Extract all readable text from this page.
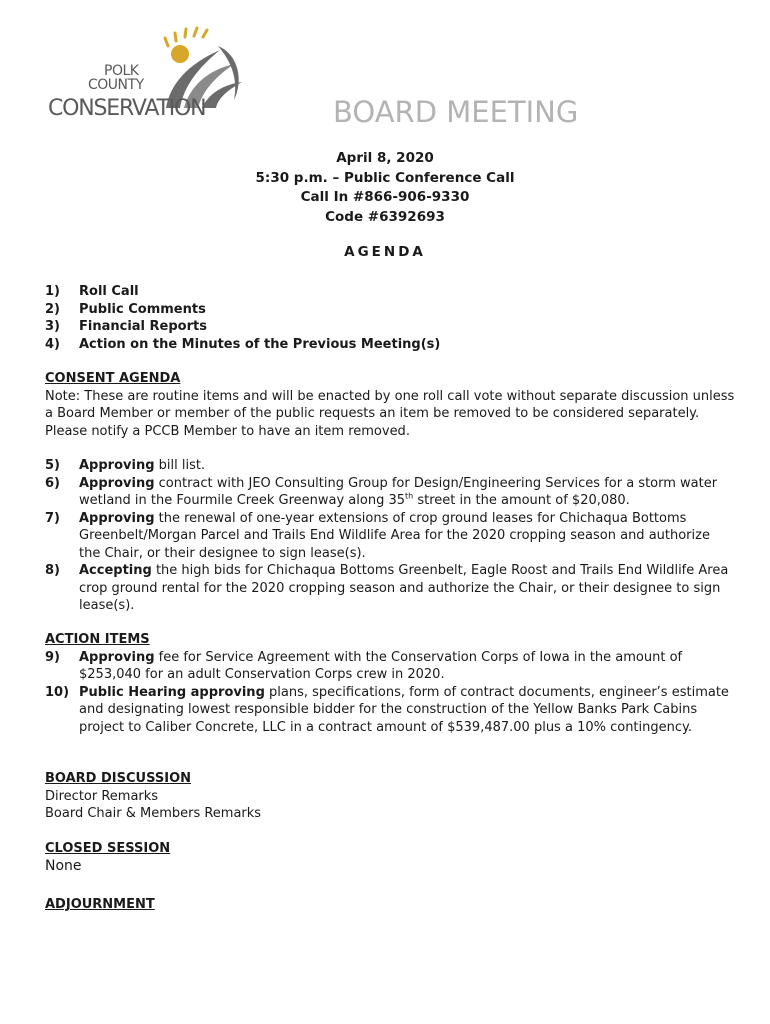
POLK
COUNTY
CONSERVATION	BOARD MEETING
April 8, 2020
5:30 p.m. – Public Conference Call
Call In #866-906-9330
Code #6392693
AGENDA
1)	Roll Call
2)	Public Comments
3)	Financial Reports
4)	Action on the Minutes of the Previous Meeting(s)
CONSENT AGENDA
Note: These are routine items and will be enacted by one roll call vote without separate discussion unless a Board Member or member of the public requests an item be removed to be considered separately. Please notify a PCCB Member to have an item removed.
5)	Approving bill list.
6)	Approving contract with JEO Consulting Group for Design/Engineering Services for a storm water wetland in the Fourmile Creek Greenway along 35th street in the amount of $20,080.
7)	Approving the renewal of one-year extensions of crop ground leases for Chichaqua Bottoms Greenbelt/Morgan Parcel and Trails End Wildlife Area for the 2020 cropping season and authorize the Chair, or their designee to sign lease(s).
8)	Accepting the high bids for Chichaqua Bottoms Greenbelt, Eagle Roost and Trails End Wildlife Area crop ground rental for the 2020 cropping season and authorize the Chair, or their designee to sign lease(s).
ACTION ITEMS
9)	Approving fee for Service Agreement with the Conservation Corps of Iowa in the amount of $253,040 for an adult Conservation Corps crew in 2020.
10) Public Hearing approving plans, specifications, form of contract documents, engineer’s estimate and designating lowest responsible bidder for the construction of the Yellow Banks Park Cabins project to Caliber Concrete, LLC in a contract amount of $539,487.00 plus a 10% contingency.
BOARD DISCUSSION
Director Remarks
Board Chair & Members Remarks
CLOSED SESSION
None
ADJOURNMENT
